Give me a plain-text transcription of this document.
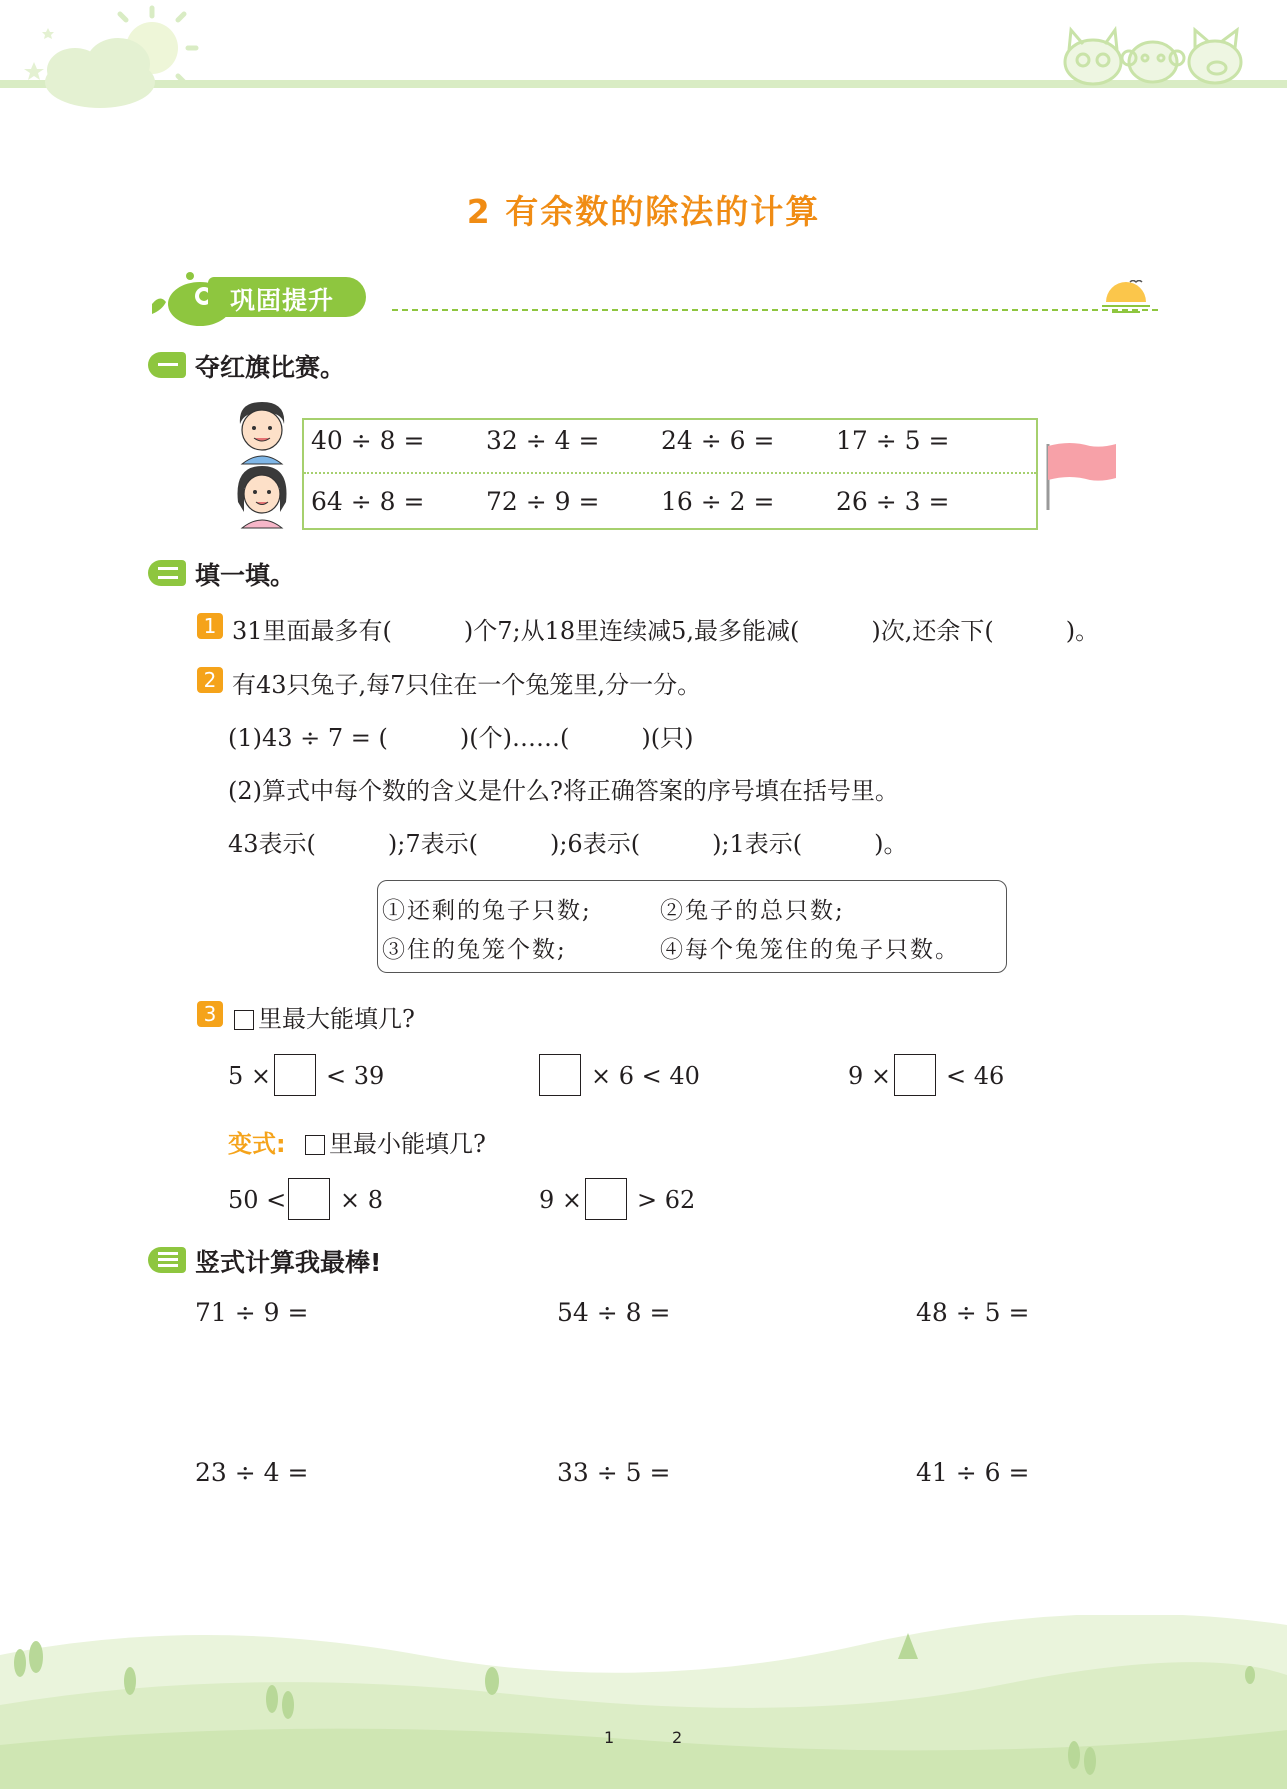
2 有余数的除法的计算
巩固提升
夺红旗比赛。
40 ÷ 8 = 32 ÷ 4 = 24 ÷ 6 = 17 ÷ 5 =
64 ÷ 8 = 72 ÷ 9 = 16 ÷ 2 = 26 ÷ 3 =
填一填。
1 31里面最多有(　　　)个7;从18里连续减5,最多能减(　　　)次,还余下(　　　)。
2 有43只兔子,每7只住在一个兔笼里,分一分。
(1)43 ÷ 7 = (　　　)(个)……(　　　)(只)
(2)算式中每个数的含义是什么?将正确答案的序号填在括号里。
43表示(　　　);7表示(　　　);6表示(　　　);1表示(　　　)。
①还剩的兔子只数;	②兔子的总只数;
③住的兔笼个数;	④每个兔笼住的兔子只数。
3	里最大能填几?
5 × < 39	× 6 < 40	9 × < 46
变式:	里最小能填几?
50 < × 8	9 × > 62
竖式计算我最棒!
71 ÷ 9 =	54 ÷ 8 =	48 ÷ 5 =
23 ÷ 4 =	33 ÷ 5 =	41 ÷ 6 =
1	2
